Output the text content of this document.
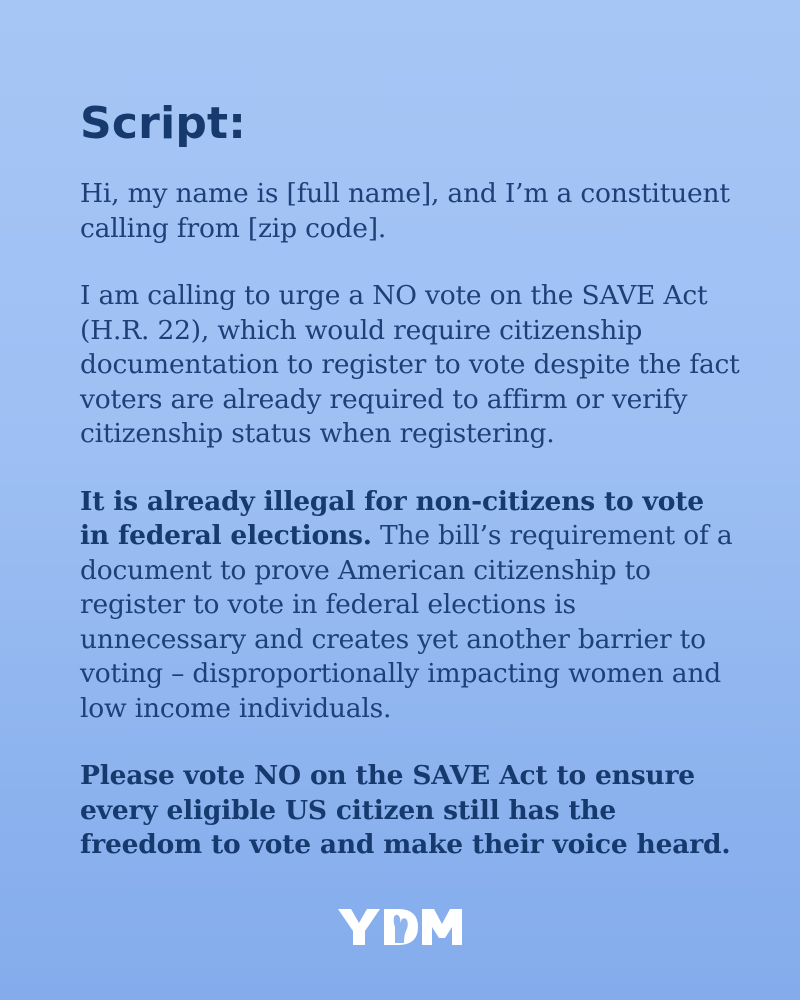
Script:

Hi, my name is [full name], and I’m a constituent calling from [zip code].

I am calling to urge a NO vote on the SAVE Act (H.R. 22), which would require citizenship documentation to register to vote despite the fact voters are already required to affirm or verify citizenship status when registering.

It is already illegal for non-citizens to vote in federal elections. The bill’s requirement of a document to prove American citizenship to register to vote in federal elections is unnecessary and creates yet another barrier to voting – disproportionally impacting women and low income individuals.

Please vote NO on the SAVE Act to ensure every eligible US citizen still has the freedom to vote and make their voice heard.
